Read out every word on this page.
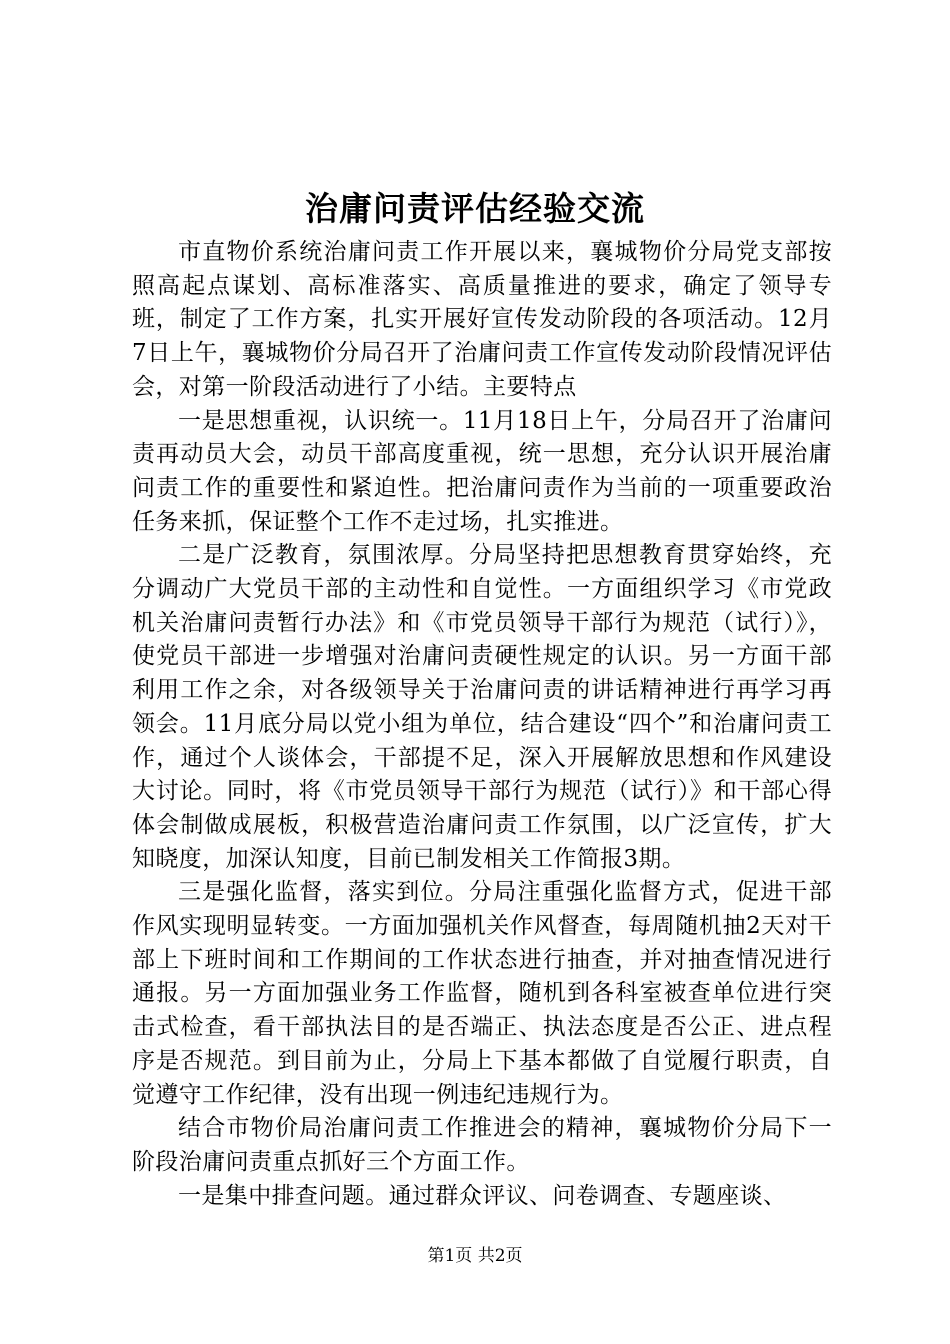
治庸问责评估经验交流

市直物价系统治庸问责工作开展以来，襄城物价分局党支部按照高起点谋划、高标准落实、高质量推进的要求，确定了领导专班，制定了工作方案，扎实开展好宣传发动阶段的各项活动。12月7日上午，襄城物价分局召开了治庸问责工作宣传发动阶段情况评估会，对第一阶段活动进行了小结。主要特点

一是思想重视，认识统一。11月18日上午，分局召开了治庸问责再动员大会，动员干部高度重视，统一思想，充分认识开展治庸问责工作的重要性和紧迫性。把治庸问责作为当前的一项重要政治任务来抓，保证整个工作不走过场，扎实推进。

二是广泛教育，氛围浓厚。分局坚持把思想教育贯穿始终，充分调动广大党员干部的主动性和自觉性。一方面组织学习《市党政机关治庸问责暂行办法》和《市党员领导干部行为规范（试行）》，使党员干部进一步增强对治庸问责硬性规定的认识。另一方面干部利用工作之余，对各级领导关于治庸问责的讲话精神进行再学习再领会。11月底分局以党小组为单位，结合建设“四个”和治庸问责工作，通过个人谈体会，干部提不足，深入开展解放思想和作风建设大讨论。同时，将《市党员领导干部行为规范（试行）》和干部心得体会制做成展板，积极营造治庸问责工作氛围，以广泛宣传，扩大知晓度，加深认知度，目前已制发相关工作简报3期。

三是强化监督，落实到位。分局注重强化监督方式，促进干部作风实现明显转变。一方面加强机关作风督查，每周随机抽2天对干部上下班时间和工作期间的工作状态进行抽查，并对抽查情况进行通报。另一方面加强业务工作监督，随机到各科室被查单位进行突击式检查，看干部执法目的是否端正、执法态度是否公正、进点程序是否规范。到目前为止，分局上下基本都做了自觉履行职责，自觉遵守工作纪律，没有出现一例违纪违规行为。

结合市物价局治庸问责工作推进会的精神，襄城物价分局下一阶段治庸问责重点抓好三个方面工作。

一是集中排查问题。通过群众评议、问卷调查、专题座谈、

第1页 共2页
